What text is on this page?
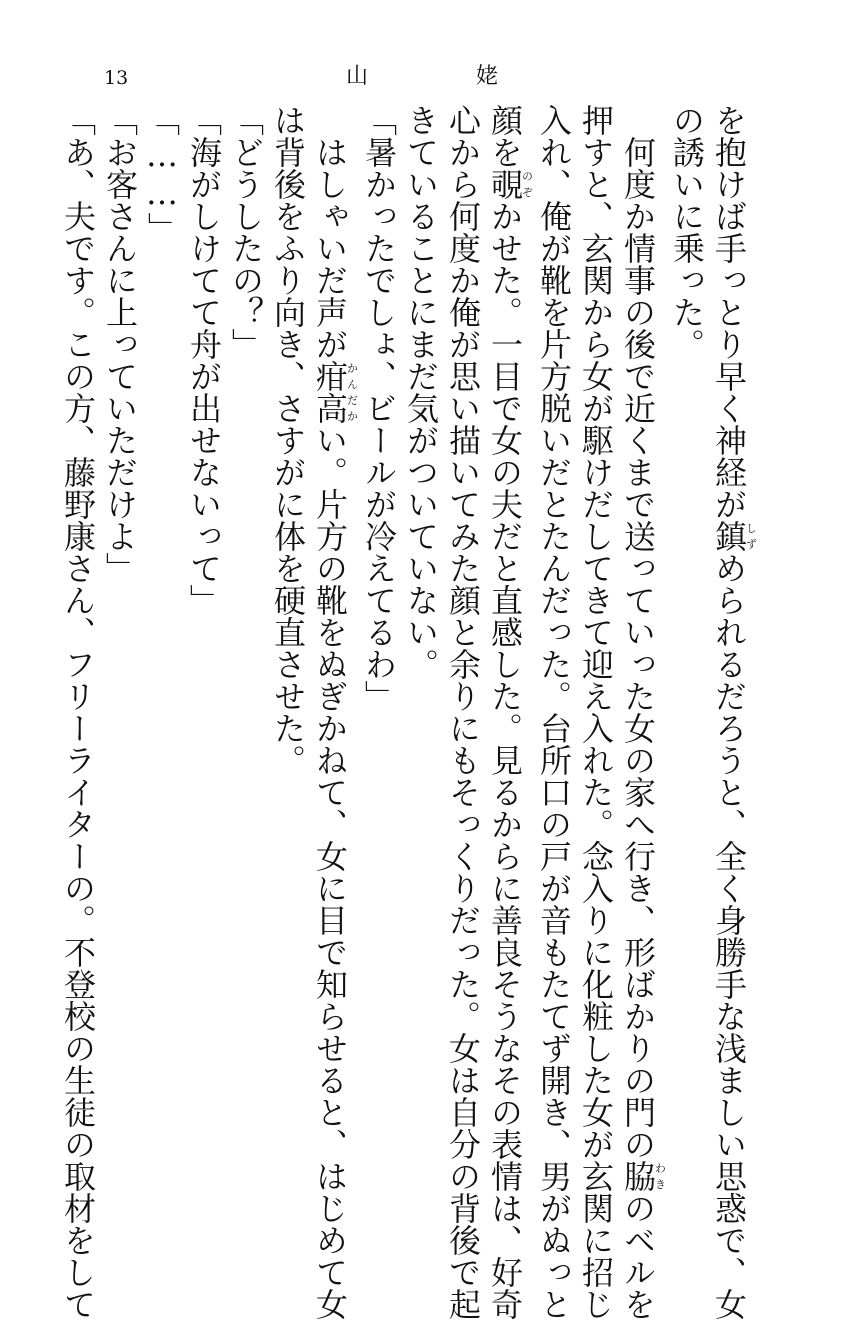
13	山姥

を抱けば手っとり早く神経が鎮しずめられるだろうと、全く身勝手な浅ましい思惑で、女

の誘いに乗った。

何度か情事の後で近くまで送っていった女の家へ行き、形ばかりの門の脇わきのベルを

押すと、玄関から女が駆けだしてきて迎え入れた。念入りに化粧した女が玄関に招じ

入れ、俺が靴を片方脱いだとたんだった。台所口の戸が音もたてず開き、男がぬっと

顔を覗のぞかせた。一目で女の夫だと直感した。見るからに善良そうなその表情は、好奇

心から何度か俺が思い描いてみた顔と余りにもそっくりだった。女は自分の背後で起

きていることにまだ気がついていない。

「暑かったでしょ、ビールが冷えてるわ」

はしゃいだ声が疳高かんだかい。片方の靴をぬぎかねて、女に目で知らせると、はじめて女

は背後をふり向き、さすがに体を硬直させた。

「どうしたの？」

「海がしけてて舟が出せないって」

「……」

「お客さんに上っていただけよ」

「あ、夫です。この方、藤野康さん、フリーライターの。不登校の生徒の取材をして
